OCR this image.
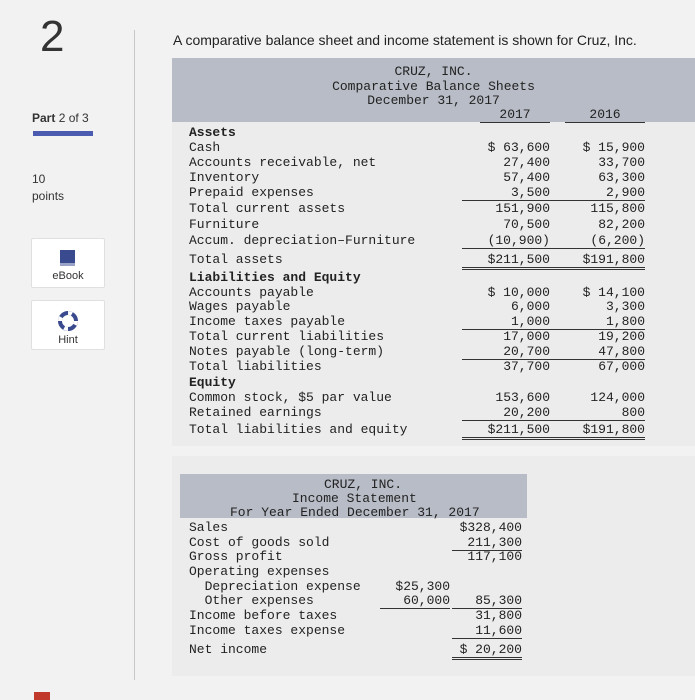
2
Part 2 of 3
10
points
eBook
Hint
A comparative balance sheet and income statement is shown for Cruz, Inc.
CRUZ, INC.
Comparative Balance Sheets
December 31, 2017
2017	2016
Assets
Cash	$ 63,600	$ 15,900
Accounts receivable, net	27,400	33,700
Inventory	57,400	63,300
Prepaid expenses	3,500	2,900
Total current assets	151,900	115,800
Furniture	70,500	82,200
Accum. depreciation–Furniture	(10,900)	(6,200)
Total assets	$211,500	$191,800
Liabilities and Equity
Accounts payable	$ 10,000	$ 14,100
Wages payable	6,000	3,300
Income taxes payable	1,000	1,800
Total current liabilities	17,000	19,200
Notes payable (long-term)	20,700	47,800
Total liabilities	37,700	67,000
Equity
Common stock, $5 par value	153,600	124,000
Retained earnings	20,200	800
Total liabilities and equity	$211,500	$191,800
CRUZ, INC.
Income Statement
For Year Ended December 31, 2017
Sales	$328,400
Cost of goods sold	211,300
Gross profit	117,100
Operating expenses
Depreciation expense	$25,300
Other expenses	60,000	85,300
Income before taxes	31,800
Income taxes expense	11,600
Net income	$ 20,200
